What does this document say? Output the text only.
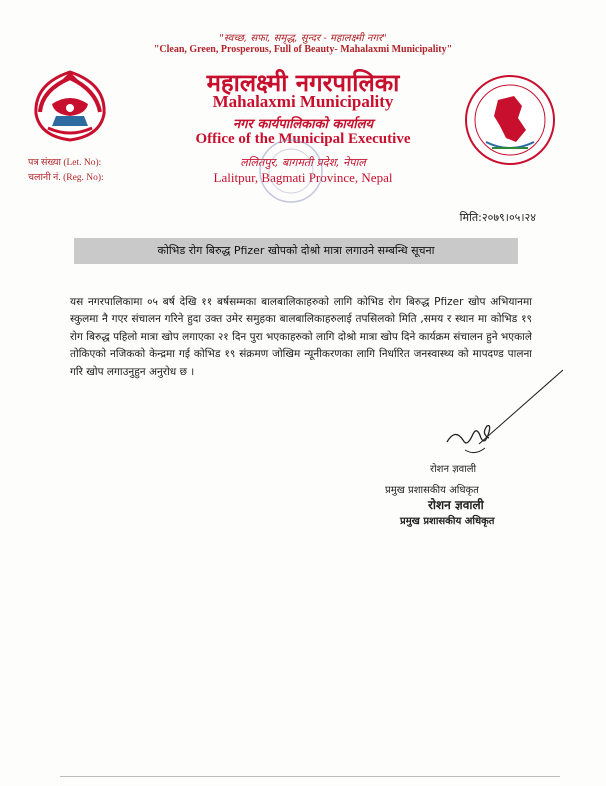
"स्वच्छ, सफा, समृद्ध, सुन्दर - महालक्ष्मी नगर"
"Clean, Green, Prosperous, Full of Beauty- Mahalaxmi Municipality"
महालक्ष्मी नगरपालिका
Mahalaxmi Municipality
नगर कार्यपालिकाको कार्यालय
Office of the Municipal Executive
ललितपुर, बागमती प्रदेश, नेपाल
Lalitpur, Bagmati Province, Nepal
पत्र संख्या (Let. No):
चलानी नं. (Reg. No):
मिति:२०७९।०५।२४
कोभिड रोग बिरुद्ध Pfizer खोपको दोश्रो मात्रा लगाउने सम्बन्धि सूचना
यस नगरपालिकामा ०५ बर्ष देखि ११ बर्षसम्मका बालबालिकाहरुको लागि कोभिड रोग बिरुद्ध Pfizer खोप अभियानमा स्कुलमा नै गएर संचालन गरिने हुदा उक्त उमेर समुहका बालबालिकाहरुलाई तपसिलको मिति ,समय र स्थान मा कोभिड १९ रोग बिरुद्ध पहिलो मात्रा खोप लगाएका २१ दिन पुरा भएकाहरुको लागि दोश्रो मात्रा खोप दिने कार्यक्रम संचालन हुने भएकाले तोकिएको नजिकको केन्द्रमा गई कोभिड १९ संक्रमण जोखिम न्यूनीकरणका लागि निर्धारित जनस्वास्थ्य को मापदण्ड पालना गरि खोप लगाउनुहुन अनुरोध छ ।
रोशन ज्ञवाली
प्रमुख प्रशासकीय अधिकृत
रोशन ज्ञवाली
प्रमुख प्रशासकीय अधिकृत
